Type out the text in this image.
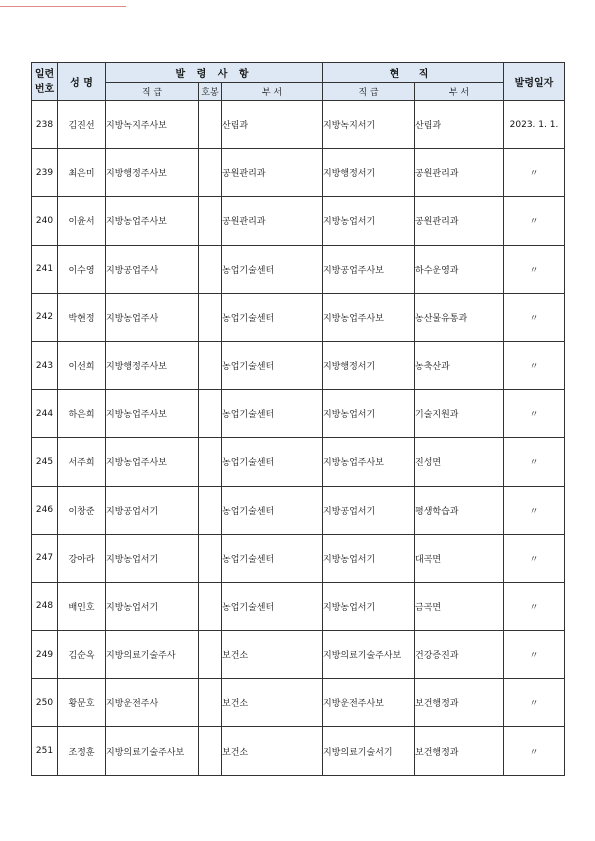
일련번호	성 명	발 령 사 항			현 직		발령일자
		직 급	호봉	부 서	직 급	부 서	
238	김진선	지방녹지주사보		산림과	지방녹지서기	산림과	2023. 1. 1.
239	최은미	지방행정주사보		공원관리과	지방행정서기	공원관리과	〃
240	이윤서	지방농업주사보		공원관리과	지방농업서기	공원관리과	〃
241	이수영	지방공업주사		농업기술센터	지방공업주사보	하수운영과	〃
242	박현정	지방농업주사		농업기술센터	지방농업주사보	농산물유통과	〃
243	이선희	지방행정주사보		농업기술센터	지방행정서기	농축산과	〃
244	하은희	지방농업주사보		농업기술센터	지방농업서기	기술지원과	〃
245	서주희	지방농업주사보		농업기술센터	지방농업주사보	진성면	〃
246	이창준	지방공업서기		농업기술센터	지방공업서기	평생학습과	〃
247	강아라	지방농업서기		농업기술센터	지방농업서기	대곡면	〃
248	배인호	지방농업서기		농업기술센터	지방농업서기	금곡면	〃
249	김순옥	지방의료기술주사		보건소	지방의료기술주사보	건강증진과	〃
250	황문호	지방운전주사		보건소	지방운전주사보	보건행정과	〃
251	조정훈	지방의료기술주사보		보건소	지방의료기술서기	보건행정과	〃
